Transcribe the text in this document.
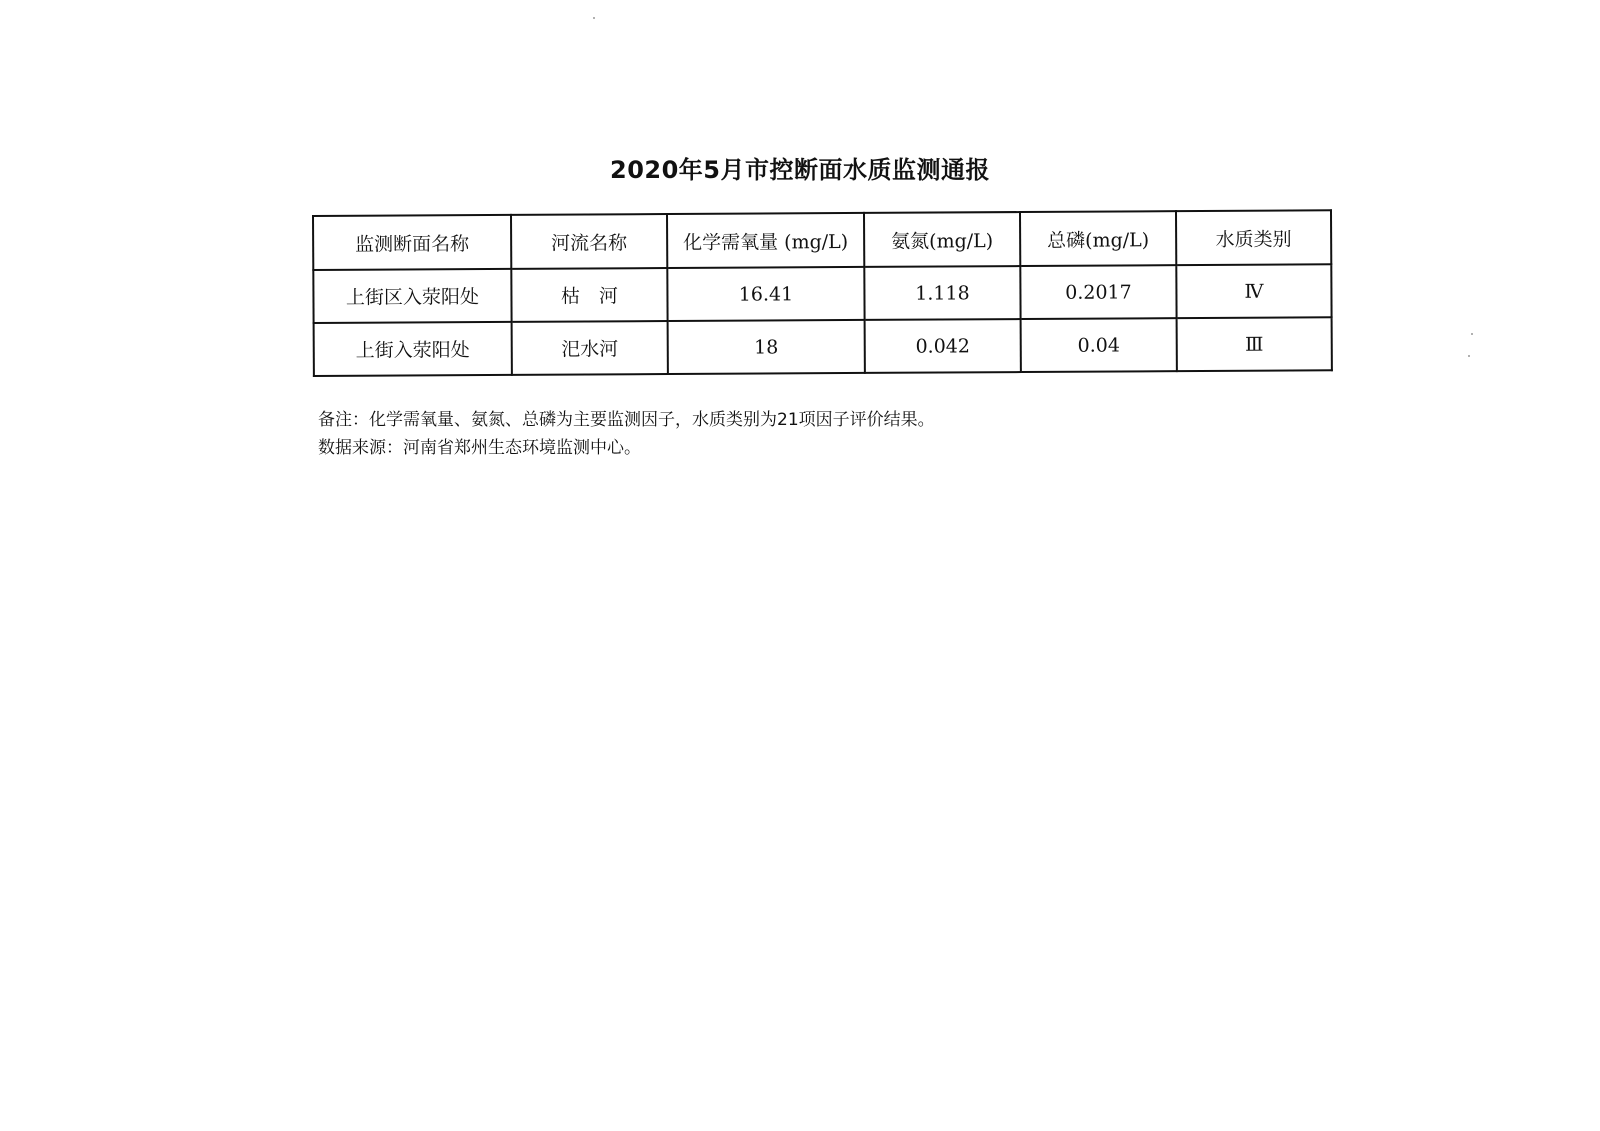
2020年5月市控断面水质监测通报
监测断面名称	河流名称	化学需氧量 (mg/L)	氨氮(mg/L)	总磷(mg/L)	水质类别
上街区入荥阳处	枯　河	16.41	1.118	0.2017	Ⅳ
上街入荥阳处	汜水河	18	0.042	0.04	Ⅲ
备注：化学需氧量、氨氮、总磷为主要监测因子，水质类别为21项因子评价结果。
数据来源：河南省郑州生态环境监测中心。
